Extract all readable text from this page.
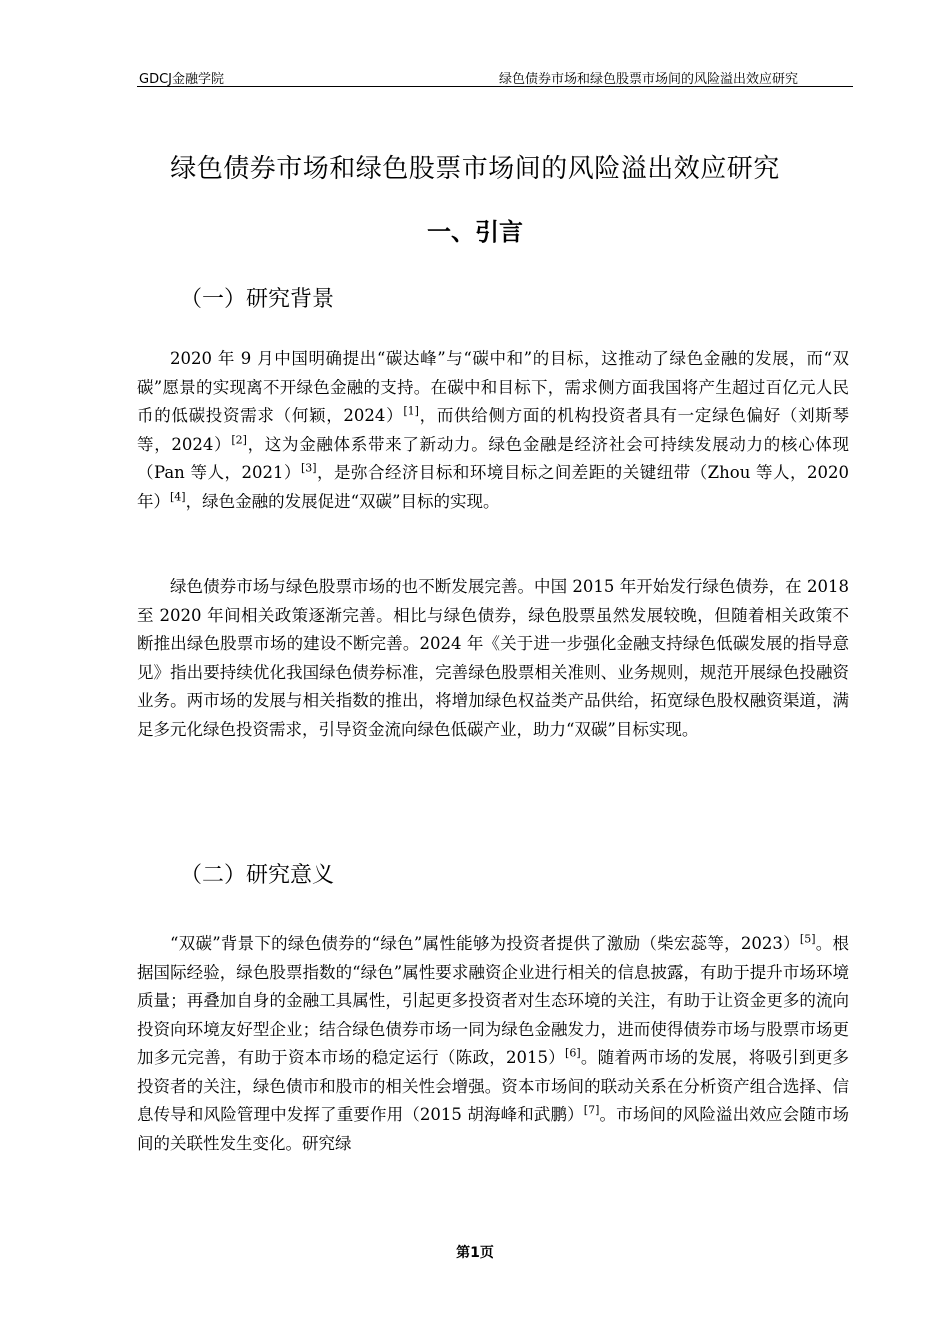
GDCJ金融学院	绿色债券市场和绿色股票市场间的风险溢出效应研究
绿色债券市场和绿色股票市场间的风险溢出效应研究
一、引言
（一）研究背景

2020 年 9 月中国明确提出“碳达峰”与“碳中和”的目标，这推动了绿色金融的发展，而“双碳”愿景的实现离不开绿色金融的支持。在碳中和目标下，需求侧方面我国将产生超过百亿元人民币的低碳投资需求（何颖，2024）[1]，而供给侧方面的机构投资者具有一定绿色偏好（刘斯琴等，2024）[2]，这为金融体系带来了新动力。绿色金融是经济社会可持续发展动力的核心体现（Pan 等人，2021）[3]，是弥合经济目标和环境目标之间差距的关键纽带（Zhou 等人，2020 年）[4]，绿色金融的发展促进“双碳”目标的实现。

绿色债券市场与绿色股票市场的也不断发展完善。中国 2015 年开始发行绿色债券，在 2018 至 2020 年间相关政策逐渐完善。相比与绿色债券，绿色股票虽然发展较晚，但随着相关政策不断推出绿色股票市场的建设不断完善。2024 年《关于进一步强化金融支持绿色低碳发展的指导意见》指出要持续优化我国绿色债券标准，完善绿色股票相关准则、业务规则，规范开展绿色投融资业务。两市场的发展与相关指数的推出，将增加绿色权益类产品供给，拓宽绿色股权融资渠道，满足多元化绿色投资需求，引导资金流向绿色低碳产业，助力“双碳”目标实现。

（二）研究意义

“双碳”背景下的绿色债券的“绿色”属性能够为投资者提供了激励（柴宏蕊等，2023）[5]。根据国际经验，绿色股票指数的“绿色”属性要求融资企业进行相关的信息披露，有助于提升市场环境质量；再叠加自身的金融工具属性，引起更多投资者对生态环境的关注，有助于让资金更多的流向投资向环境友好型企业；结合绿色债券市场一同为绿色金融发力，进而使得债券市场与股票市场更加多元完善，有助于资本市场的稳定运行（陈政，2015）[6]。随着两市场的发展，将吸引到更多投资者的关注，绿色债市和股市的相关性会增强。资本市场间的联动关系在分析资产组合选择、信息传导和风险管理中发挥了重要作用（2015 胡海峰和武鹏）[7]。市场间的风险溢出效应会随市场间的关联性发生变化。研究绿

第1页
